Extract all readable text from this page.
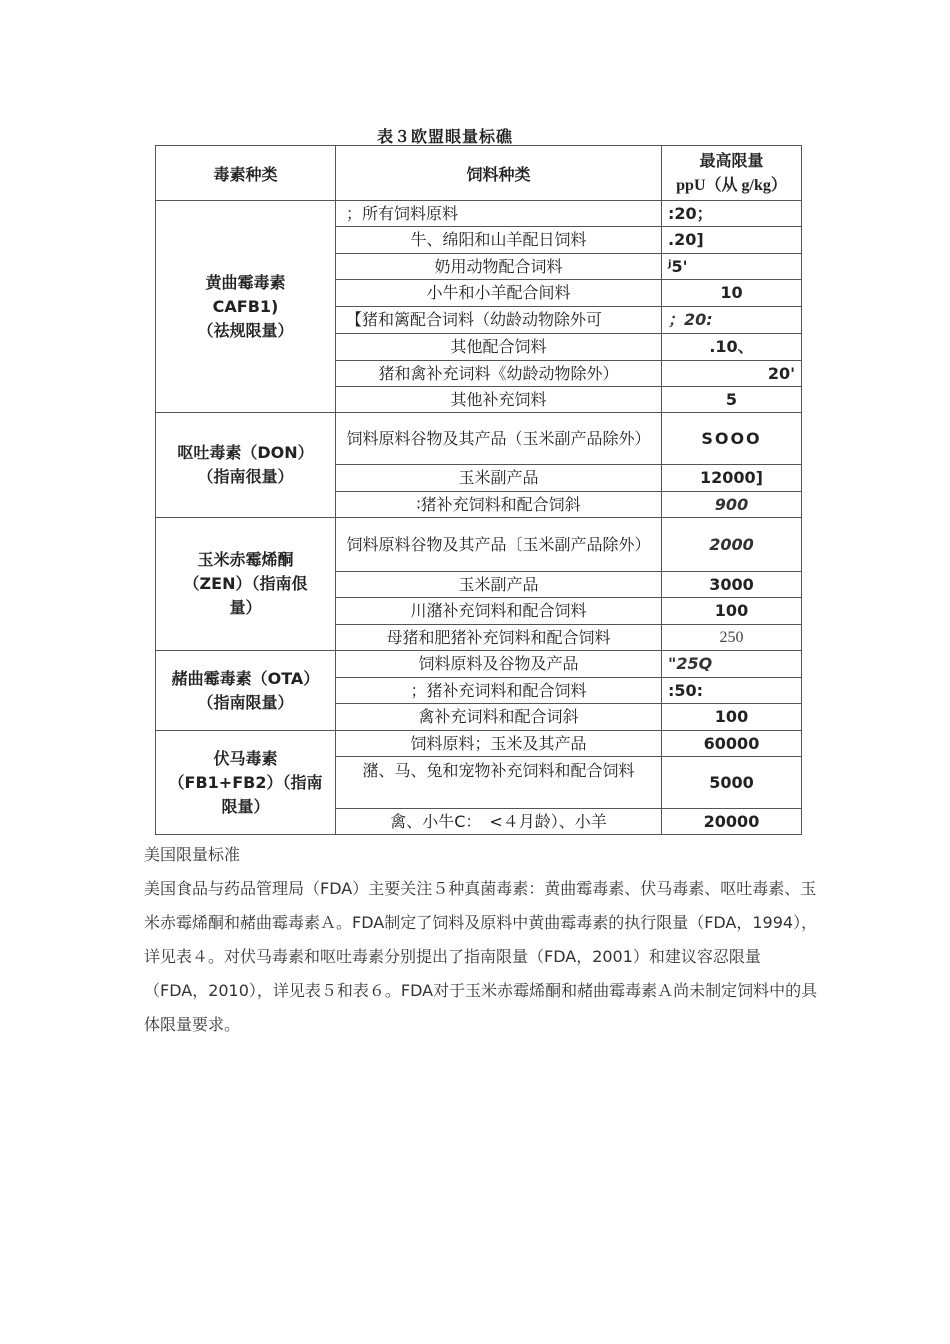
表３欧盟眼量标礁
毒素种类	饲料种类	最高限量
ppU（从 g/kg）

黄曲霉毒素
CAFB1)
（祛规限量）	；所有饲料原料	:20；
	牛、绵阳和山羊配日饲料	.20]
	奶用动物配合词料	ʲ5'
	小牛和小羊配合间料	10
	【猪和篱配合词料（幼龄动物除外可	；20:
	其他配合饲料	.10、
	猪和禽补充词料《幼龄动物除外）	20'
	其他补充饲料	5

呕吐毒素（DON）
（指南很量）	饲料原料谷物及其产品（玉米副产品除外）	SOOO
	玉米副产品	12000]
	∶猪补充饲料和配合饲斜	900

玉米赤霉烯酮
（ZEN）（指南佷
量）	饲料原料谷物及其产品〔玉米副产品除外）	2000
	玉米副产品	3000
	川潴补充饲料和配合饲料	100
	母猪和肥猪补充饲料和配合饲料	250

赭曲霉毒素（OTA）
（指南限量）	饲料原料及谷物及产品	"25Q
	；猪补充词料和配合饲料	:50:
	禽补充词料和配合词斜	100

伏马毒素
（FB1+FB2）（指南
限量）	饲料原料；玉米及其产品	60000
	潴、马、兔和宠物补充饲料和配合饲料	5000
	禽、小牛C：　<４月龄）、小羊	20000

美国限量标准

美国食品与药品管理局（FDA）主要关注５种真菌毒素：黄曲霉毒素、伏马毒素、呕吐毒素、玉米赤霉烯酮和赭曲霉毒素Ａ。FDA制定了饲料及原料中黄曲霉毒素的执行限量（FDA，1994），详见表４。对伏马毒素和呕吐毒素分别提出了指南限量（FDA，2001）和建议容忍限量（FDA，2010），详见表５和表６。FDA对于玉米赤霉烯酮和赭曲霉毒素Ａ尚未制定饲料中的具体限量要求。
